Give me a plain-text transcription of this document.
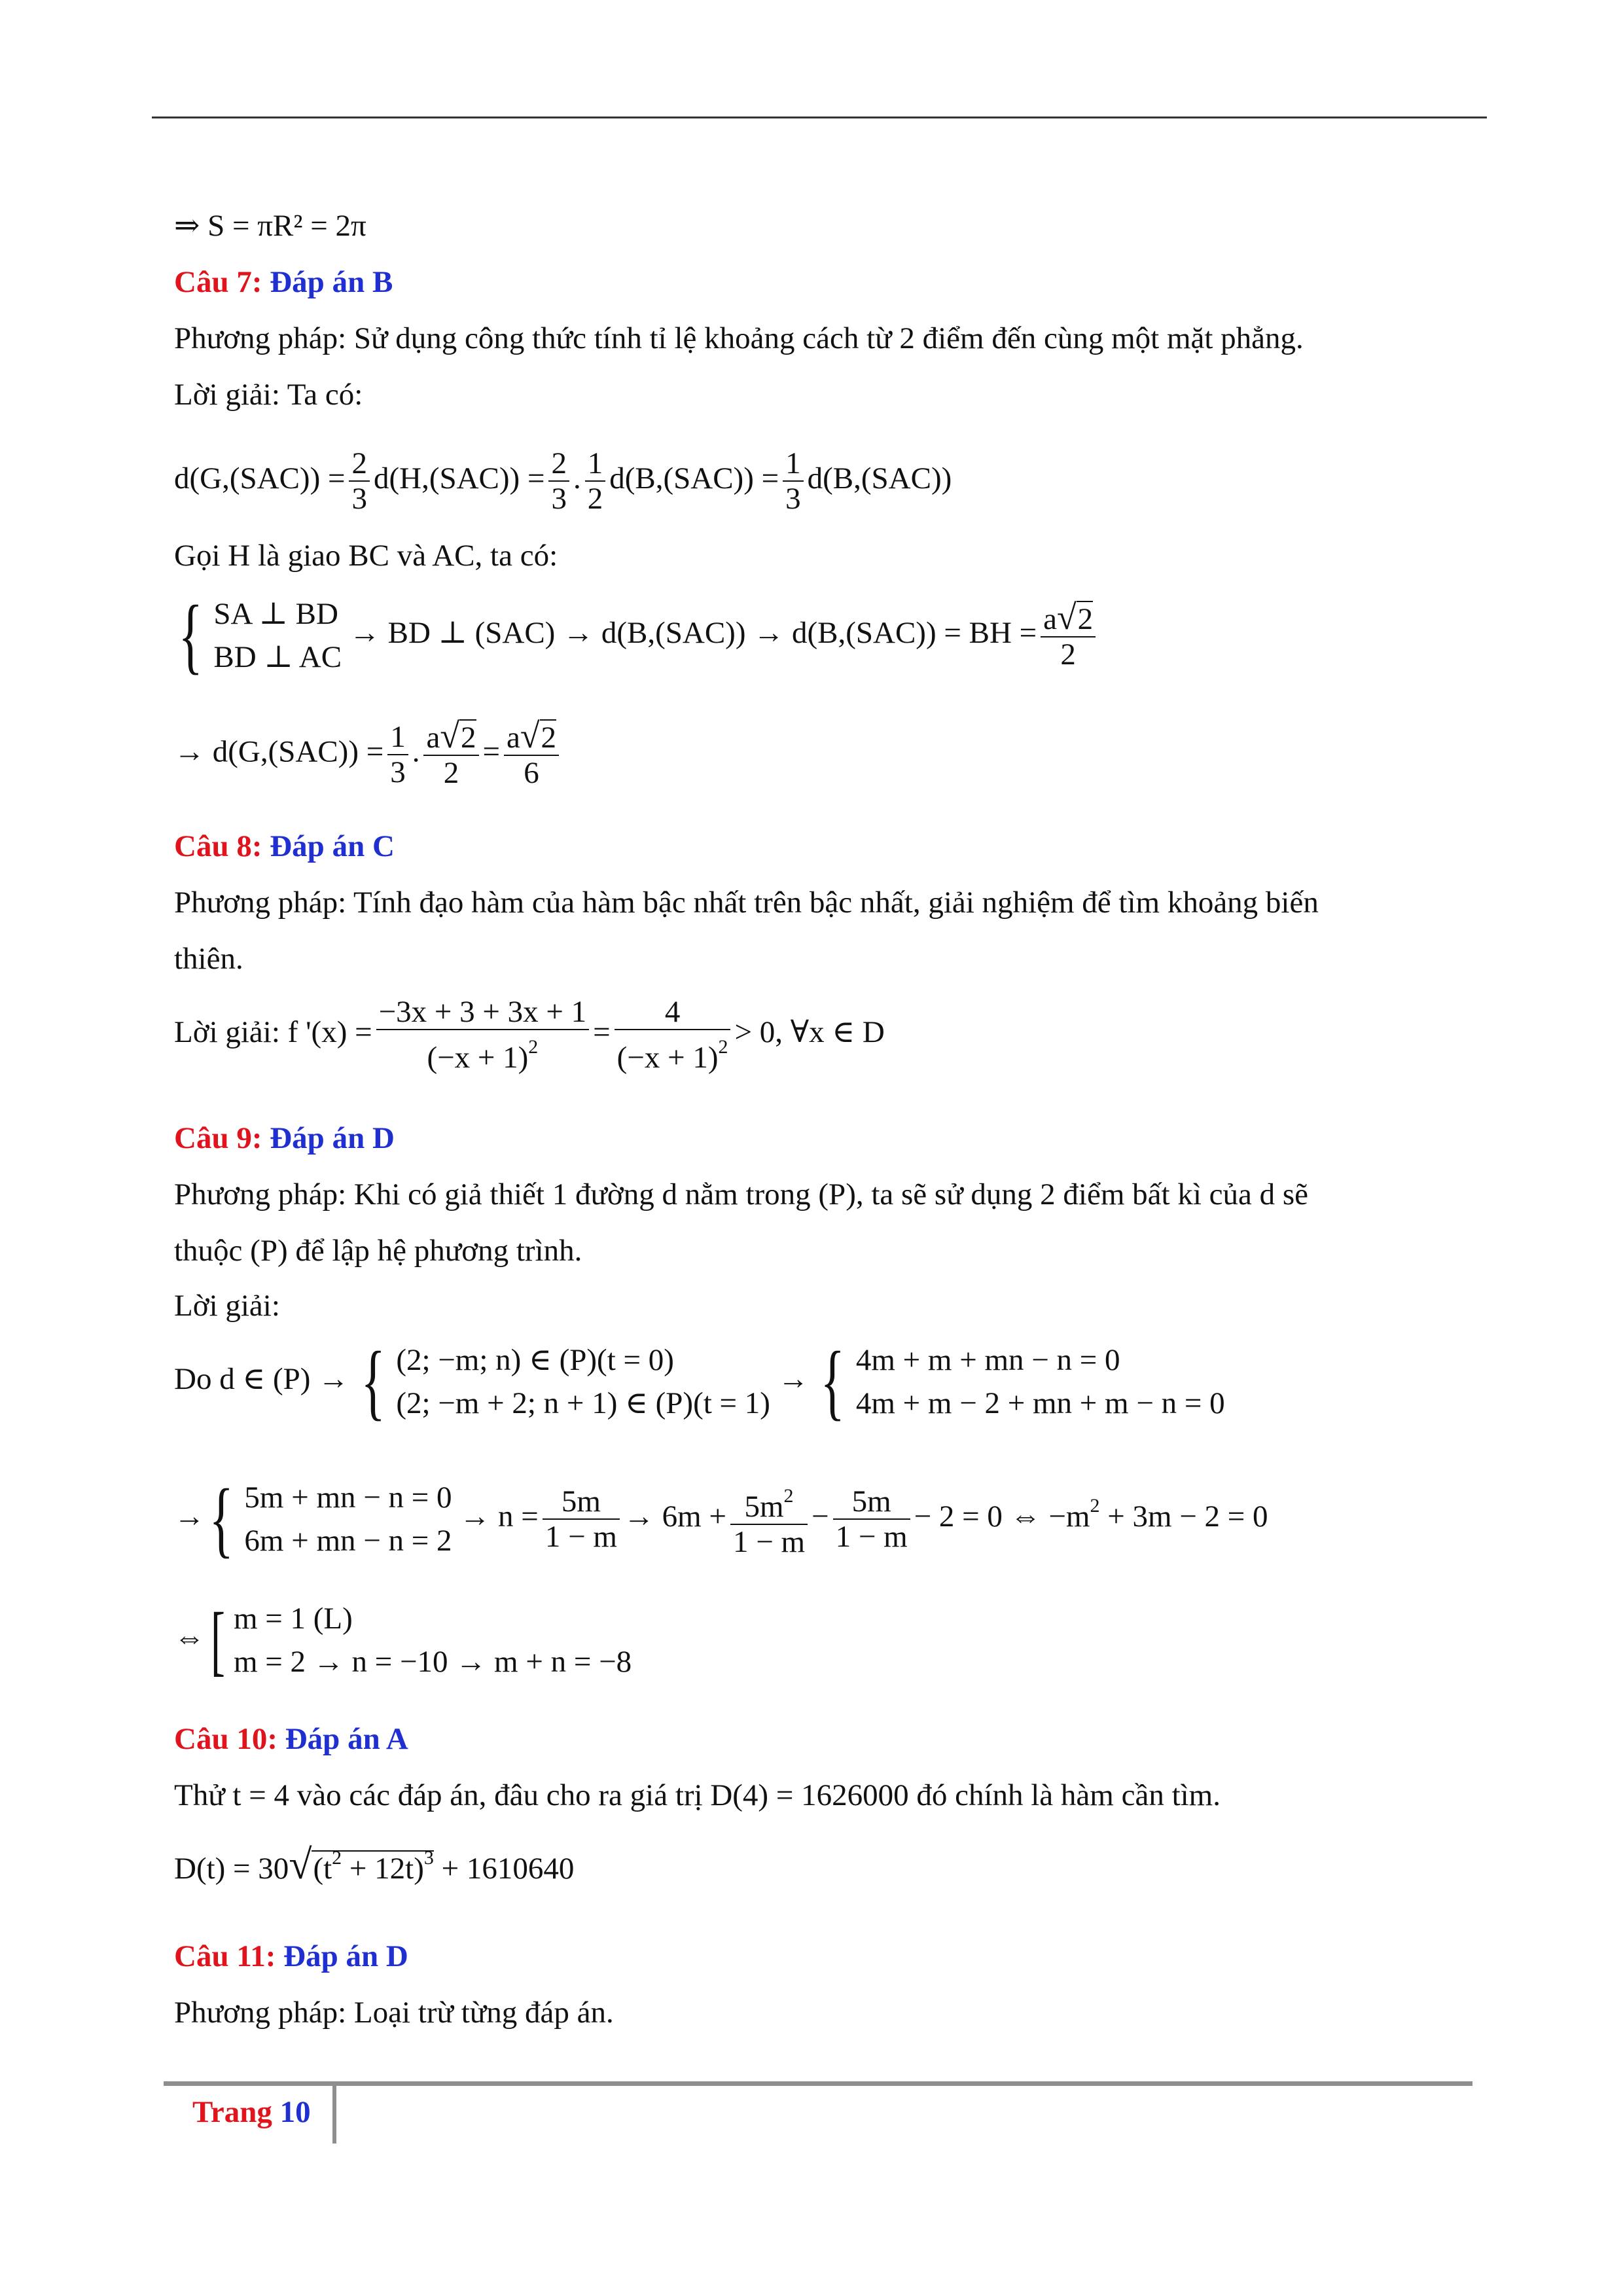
⇒ S = πR² = 2π
Câu 7: Đáp án B
Phương pháp: Sử dụng công thức tính tỉ lệ khoảng cách từ 2 điểm đến cùng một mặt phẳng.
Lời giải: Ta có:
$d(G,(SAC)) = \frac{2}{3} d(H,(SAC)) = \frac{2}{3}$ . $\frac{1}{2} d(B,(SAC)) = \frac{1}{3} d(B,(SAC))$
Gọi H là giao BC và AC, ta có:
{ SA ⊥ BD
BD ⊥ AC
→ BD ⊥ (SAC) → d(B,(SAC)) → d(B,(SAC)) = BH = $\frac{a√2}{2}$
→ $d(G,(SAC)) = \frac{1}{3}$ . $\frac{a√2}{2} = \frac{a√2}{6}$
Câu 8: Đáp án C
Phương pháp: Tính đạo hàm của hàm bậc nhất trên bậc nhất, giải nghiệm để tìm khoảng biến
thiên.
Lời giải: f '$(x) = \frac{-3x + 3 + 3x + 1}{(-x + 1)^2} = \frac{4}{(-x + 1)^2} > 0$, ∀x ∈ D
Câu 9: Đáp án D
Phương pháp: Khi có giả thiết 1 đường d nằm trong (P), ta sẽ sử dụng 2 điểm bất kì của d sẽ
thuộc (P) để lập hệ phương trình.
Lời giải:
Do d ∈ (P) → { (2; −m; n) ∈ (P)(t = 0)
(2; −m + 2; n + 1) ∈ (P)(t = 1)
→ { 4m + m + mn − n = 0
4m + m − 2 + mn + m − n = 0
→ { 5m + mn − n = 0
6m + mn − n = 2
→ $n = \frac{5m}{1 - m} \to 6m + \frac{5m^2}{1 - m} - \frac{5m}{1 - m} - 2 = 0$ ⇔ $-m^2 + 3m - 2 = 0$
⇔ [ m = 1 (L)
m = 2 → n = −10 → m + n = −8
Câu 10: Đáp án A
Thử t = 4 vào các đáp án, đâu cho ra giá trị D(4) = 1626000 đó chính là hàm cần tìm.
$D(t) = 30√(t^2 + 12t)^3 + 1610640$
Câu 11: Đáp án D
Phương pháp: Loại trừ từng đáp án.
Trang 10
